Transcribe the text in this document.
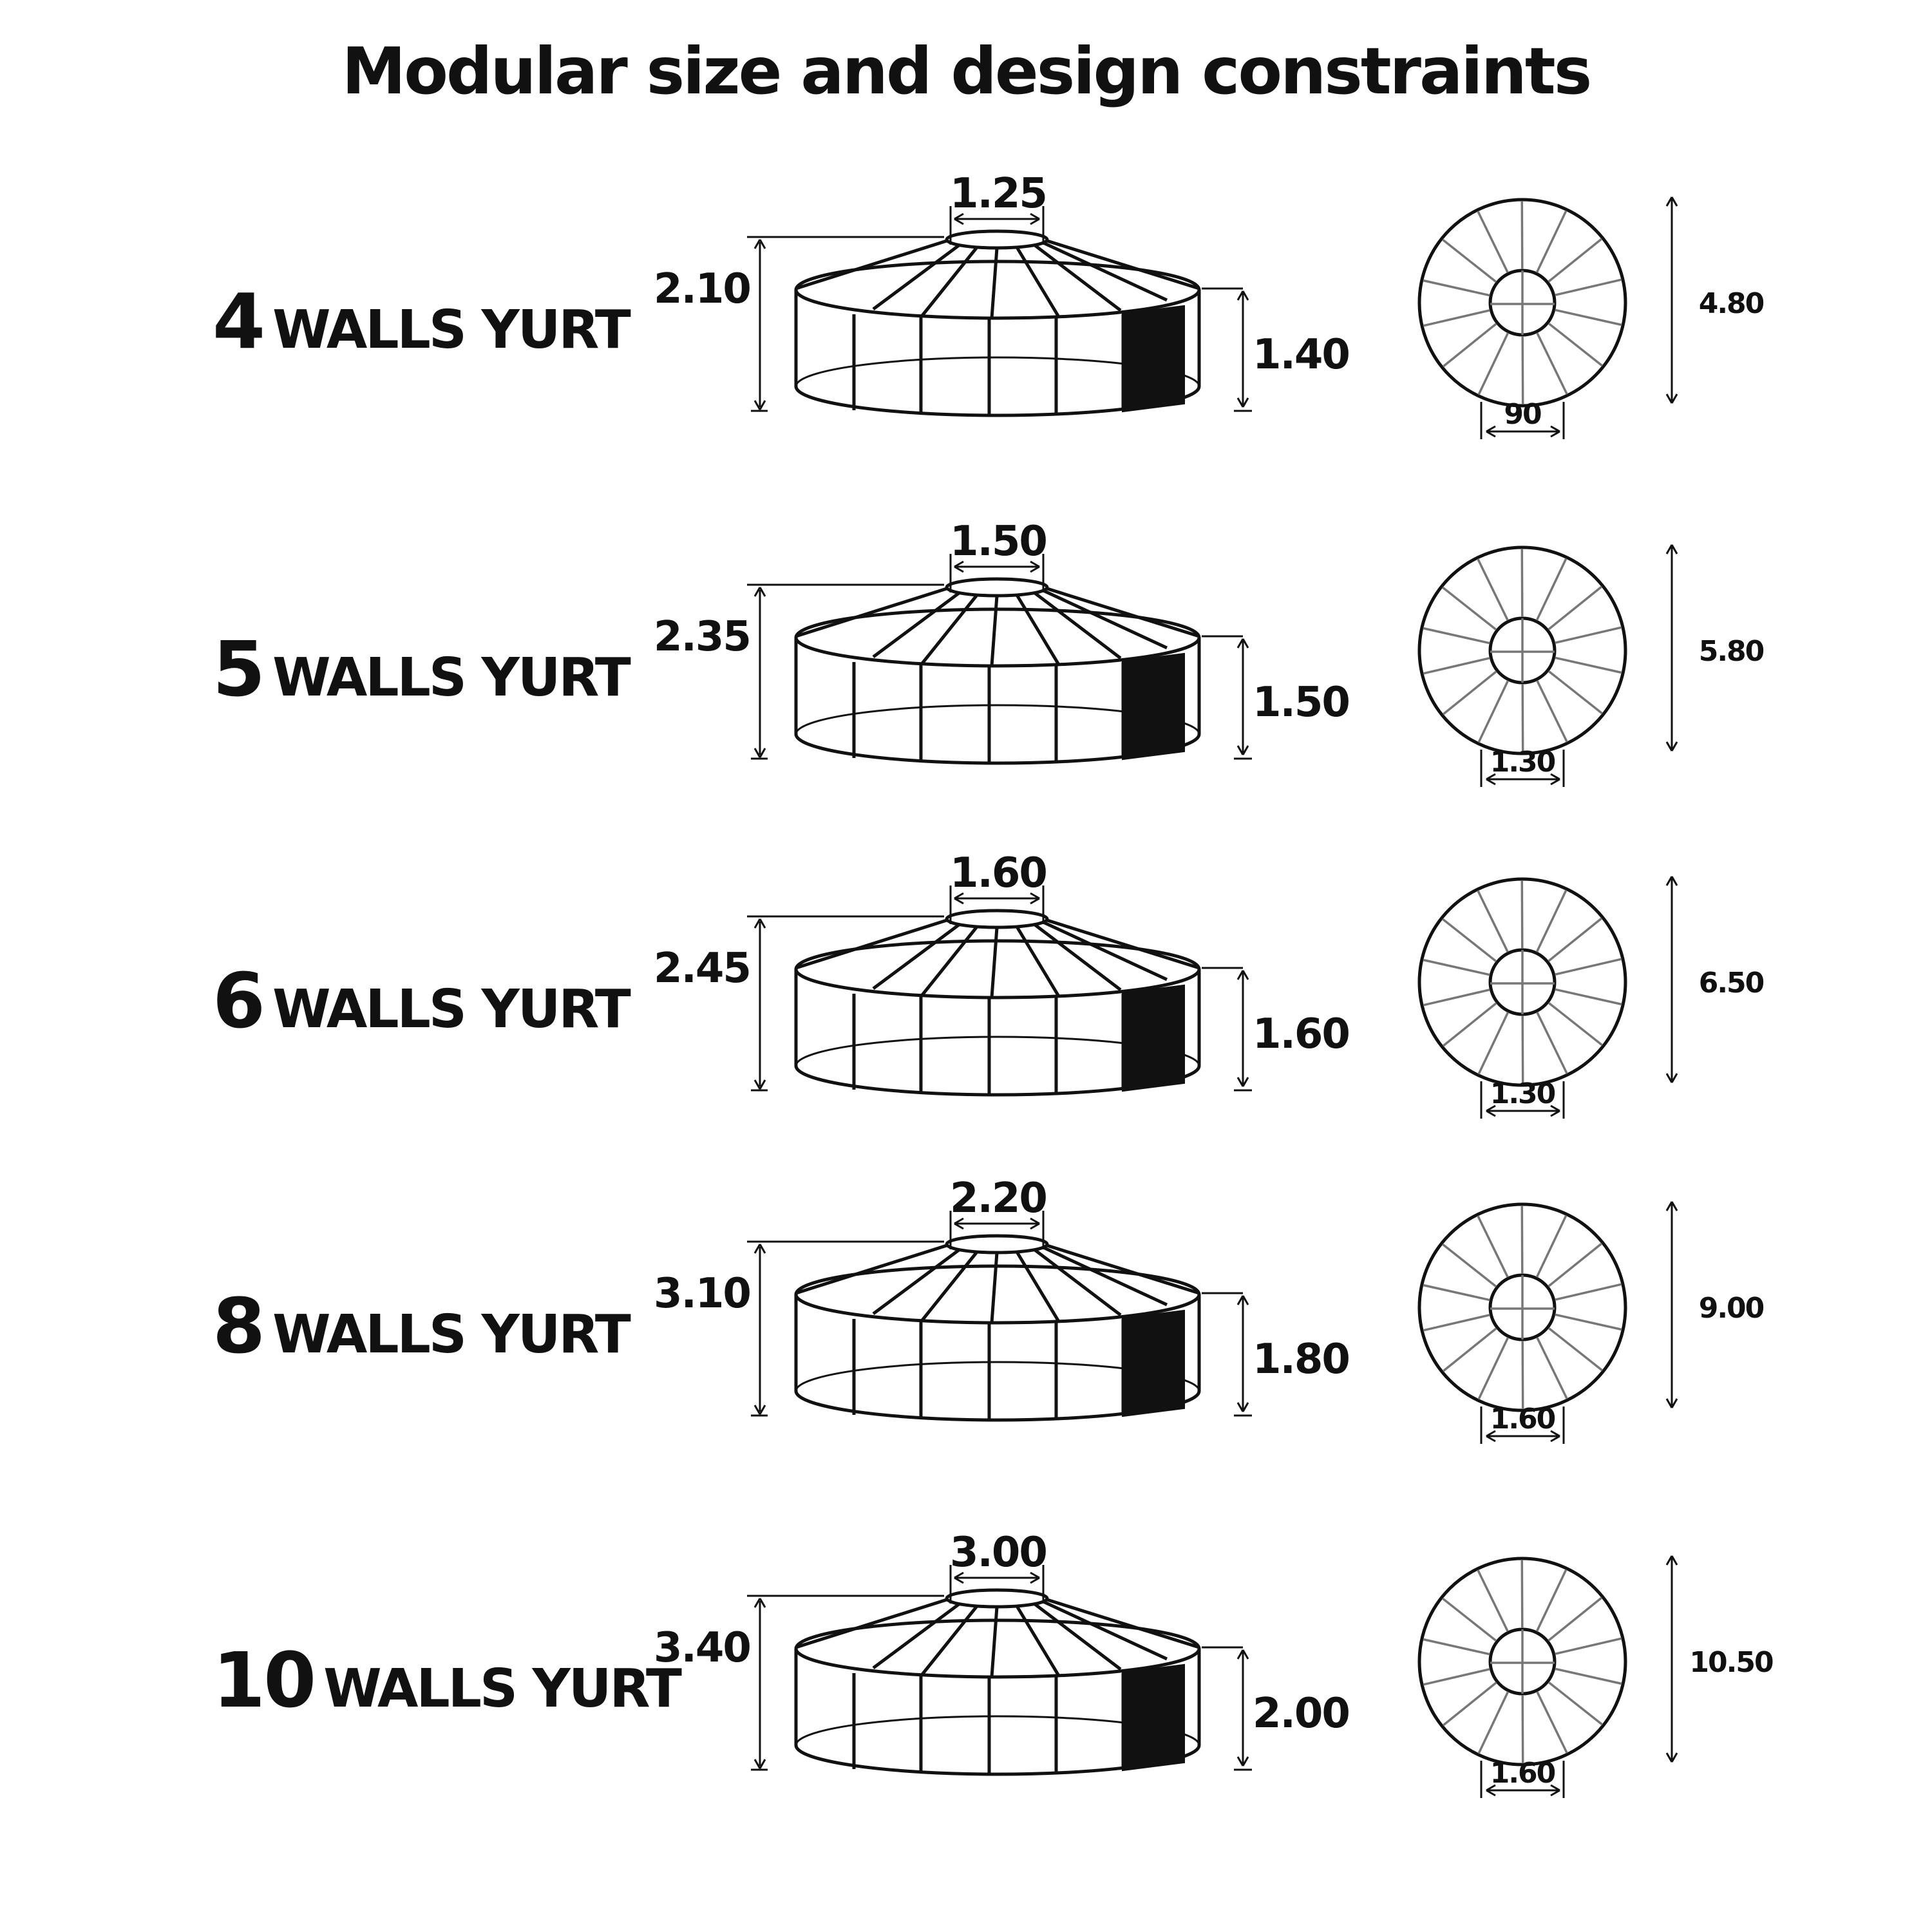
Modular size and design constraints
4 WALLS YURT
1.25
2.10
1.40
90
4.80
5 WALLS YURT
1.50
2.35
1.50
1.30
5.80
6 WALLS YURT
1.60
2.45
1.60
1.30
6.50
8 WALLS YURT
2.20
3.10
1.80
1.60
9.00
10 WALLS YURT
3.00
3.40
2.00
1.60
10.50
